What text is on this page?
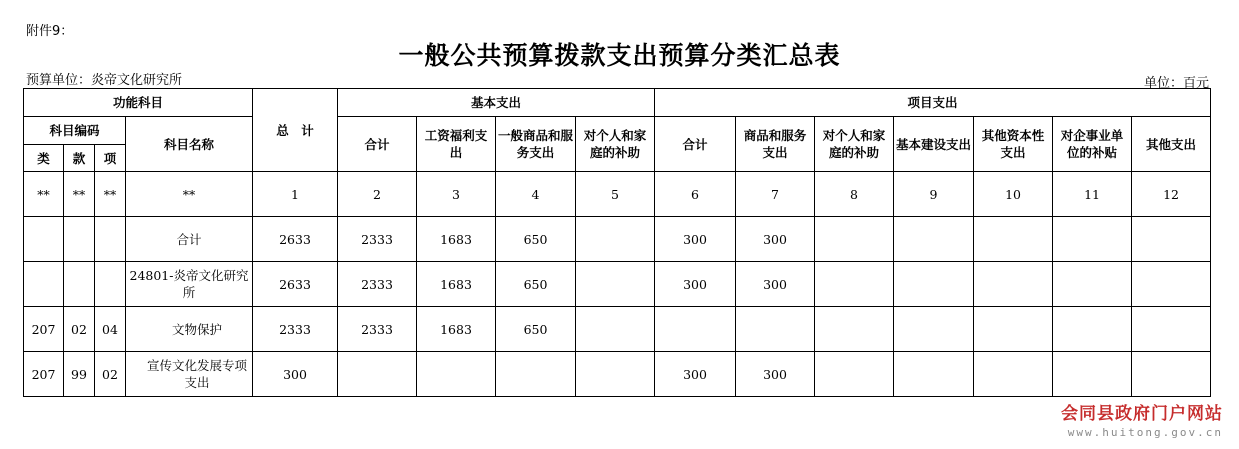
附件9：
一般公共预算拨款支出预算分类汇总表
预算单位：炎帝文化研究所	单位：百元
功能科目				总　计	基本支出				项目支出						
科目编码			科目名称		合计	工资福利支出	一般商品和服务支出	对个人和家庭的补助	合计	商品和服务支出	对个人和家庭的补助	基本建设支出	其他资本性支出	对企事业单位的补贴	其他支出
类	款	项													
**	**	**	**	1	2	3	4	5	6	7	8	9	10	11	12
			合计	2633	2333	1683	650		300	300					
			24801-炎帝文化研究所	2633	2333	1683	650		300	300					
207	02	04	文物保护	2333	2333	1683	650								
207	99	02	宣传文化发展专项支出	300					300	300					
会同县政府门户网站
www.huitong.gov.cn
